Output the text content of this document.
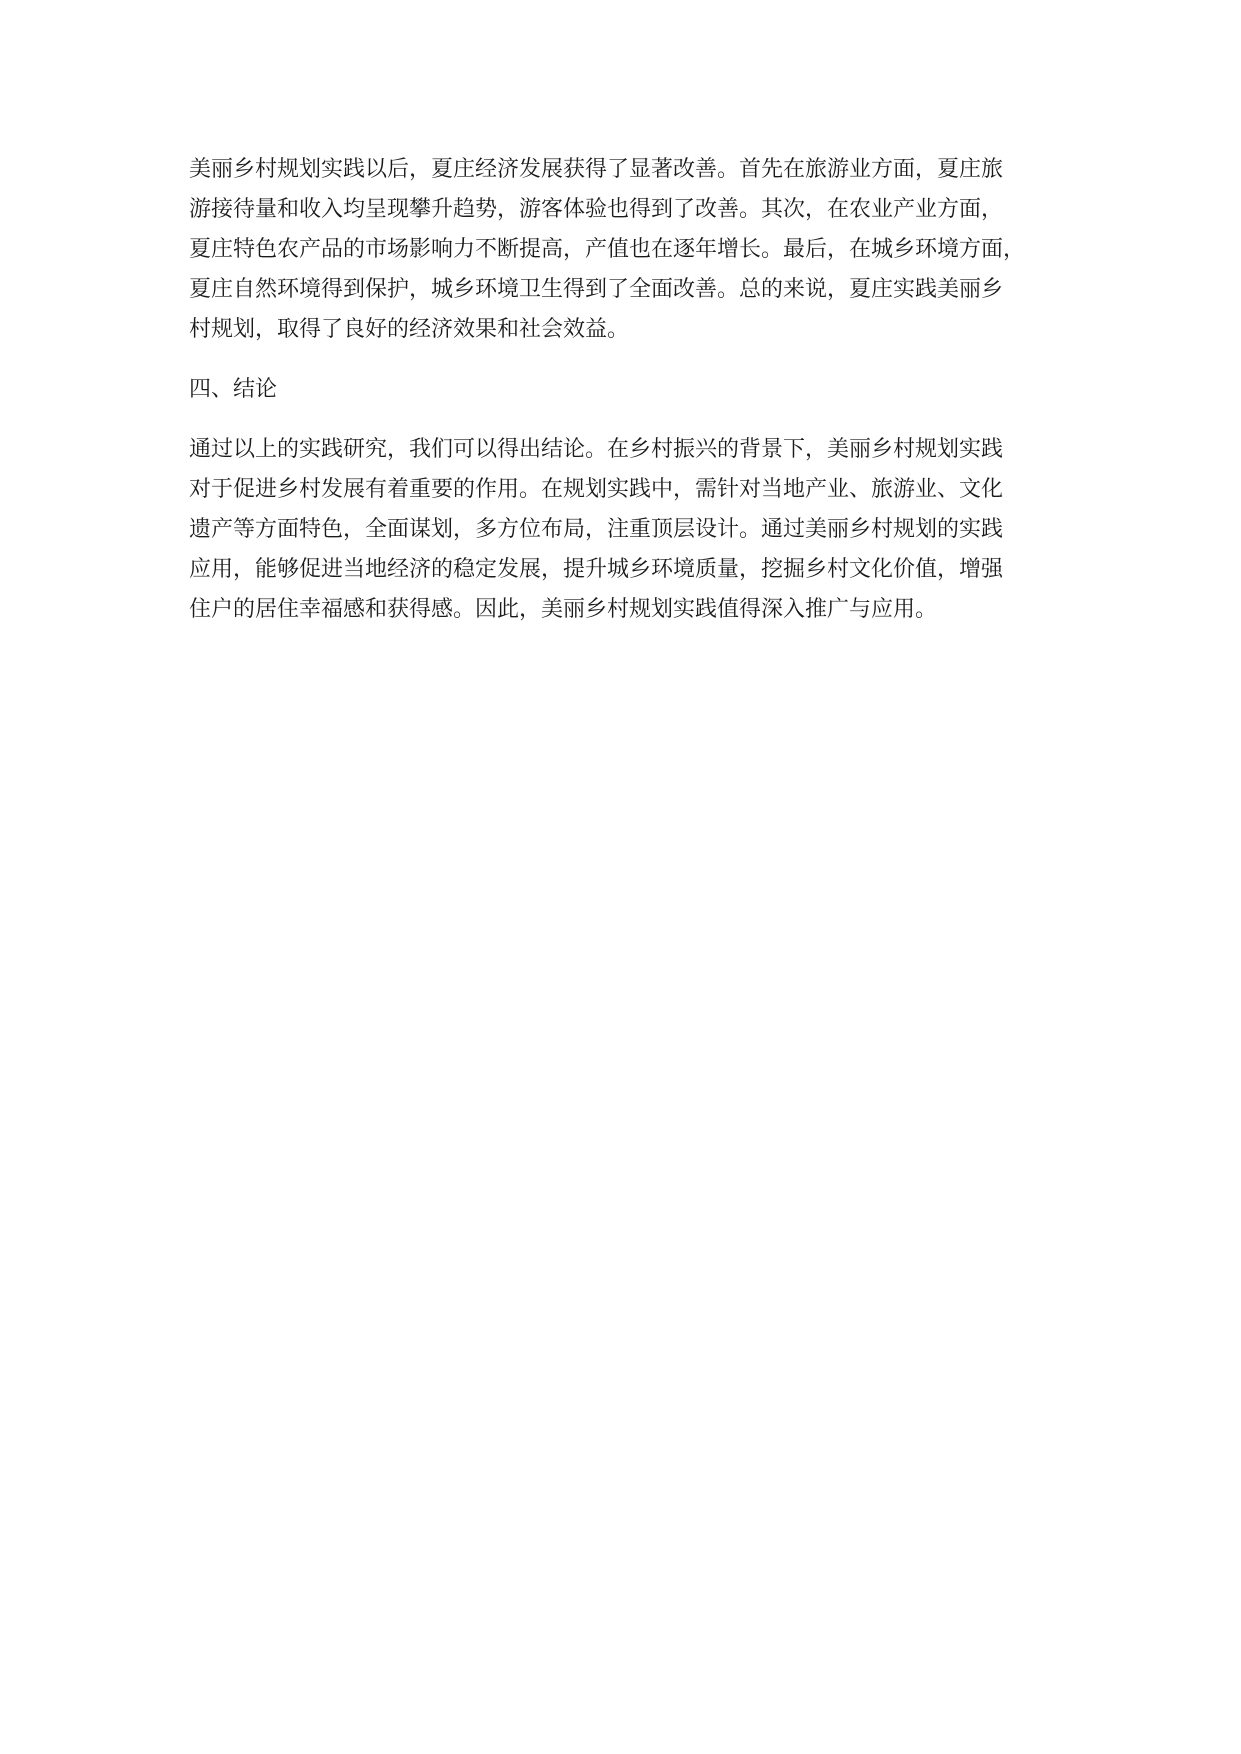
美丽乡村规划实践以后，夏庄经济发展获得了显著改善。首先在旅游业方面，夏庄旅
游接待量和收入均呈现攀升趋势，游客体验也得到了改善。其次，在农业产业方面，
夏庄特色农产品的市场影响力不断提高，产值也在逐年增长。最后，在城乡环境方面，
夏庄自然环境得到保护，城乡环境卫生得到了全面改善。总的来说，夏庄实践美丽乡
村规划，取得了良好的经济效果和社会效益。

四、结论

通过以上的实践研究，我们可以得出结论。在乡村振兴的背景下，美丽乡村规划实践
对于促进乡村发展有着重要的作用。在规划实践中，需针对当地产业、旅游业、文化
遗产等方面特色，全面谋划，多方位布局，注重顶层设计。通过美丽乡村规划的实践
应用，能够促进当地经济的稳定发展，提升城乡环境质量，挖掘乡村文化价值，增强
住户的居住幸福感和获得感。因此，美丽乡村规划实践值得深入推广与应用。
